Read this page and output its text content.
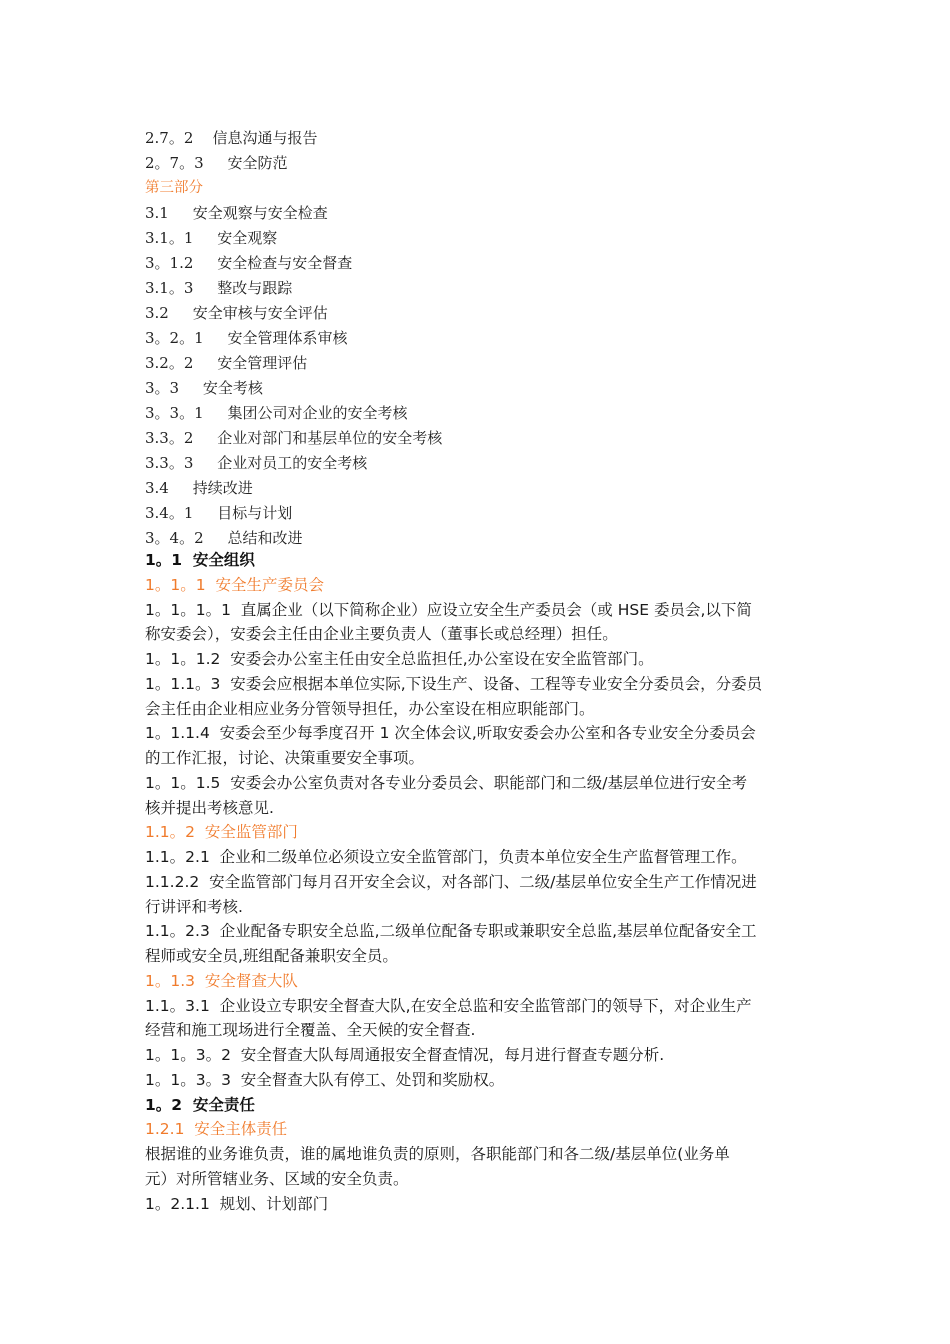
2.7。2    信息沟通与报告
2。7。3     安全防范
第三部分
3.1     安全观察与安全检查
3.1。1     安全观察
3。1.2     安全检查与安全督查
3.1。3     整改与跟踪
3.2     安全审核与安全评估
3。2。1     安全管理体系审核
3.2。2     安全管理评估
3。3     安全考核
3。3。1     集团公司对企业的安全考核
3.3。2     企业对部门和基层单位的安全考核
3.3。3     企业对员工的安全考核
3.4     持续改进
3.4。1     目标与计划
3。4。2     总结和改进
1。1  安全组织
1。1。1  安全生产委员会
1。1。1。1  直属企业（以下简称企业）应设立安全生产委员会（或 HSE 委员会,以下简
称安委会），安委会主任由企业主要负责人（董事长或总经理）担任。
1。1。1.2  安委会办公室主任由安全总监担任,办公室设在安全监管部门。
1。1.1。3  安委会应根据本单位实际,下设生产、设备、工程等专业安全分委员会，分委员
会主任由企业相应业务分管领导担任，办公室设在相应职能部门。
1。1.1.4  安委会至少每季度召开 1 次全体会议,听取安委会办公室和各专业安全分委员会
的工作汇报，讨论、决策重要安全事项。
1。1。1.5  安委会办公室负责对各专业分委员会、职能部门和二级/基层单位进行安全考
核并提出考核意见.
1.1。2  安全监管部门
1.1。2.1  企业和二级单位必须设立安全监管部门，负责本单位安全生产监督管理工作。
1.1.2.2  安全监管部门每月召开安全会议，对各部门、二级/基层单位安全生产工作情况进
行讲评和考核.
1.1。2.3  企业配备专职安全总监,二级单位配备专职或兼职安全总监,基层单位配备安全工
程师或安全员,班组配备兼职安全员。
1。1.3  安全督查大队
1.1。3.1  企业设立专职安全督查大队,在安全总监和安全监管部门的领导下，对企业生产
经营和施工现场进行全覆盖、全天候的安全督查.
1。1。3。2  安全督查大队每周通报安全督查情况，每月进行督查专题分析.
1。1。3。3  安全督查大队有停工、处罚和奖励权。
1。2  安全责任
1.2.1  安全主体责任
根据谁的业务谁负责，谁的属地谁负责的原则，各职能部门和各二级/基层单位(业务单
元）对所管辖业务、区域的安全负责。
1。2.1.1  规划、计划部门
